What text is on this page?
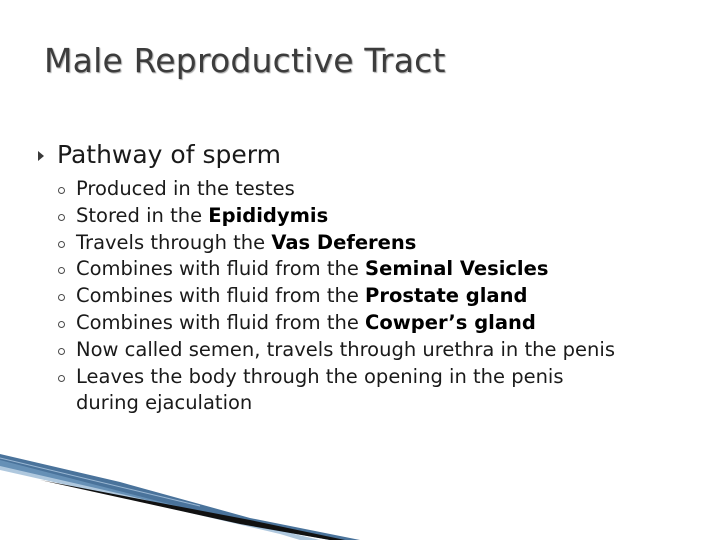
Male Reproductive Tract
Pathway of sperm
Produced in the testes
Stored in the Epididymis
Travels through the Vas Deferens
Combines with fluid from the Seminal Vesicles
Combines with fluid from the Prostate gland
Combines with fluid from the Cowper’s gland
Now called semen, travels through urethra in the penis
Leaves the body through the opening in the penis
during ejaculation
